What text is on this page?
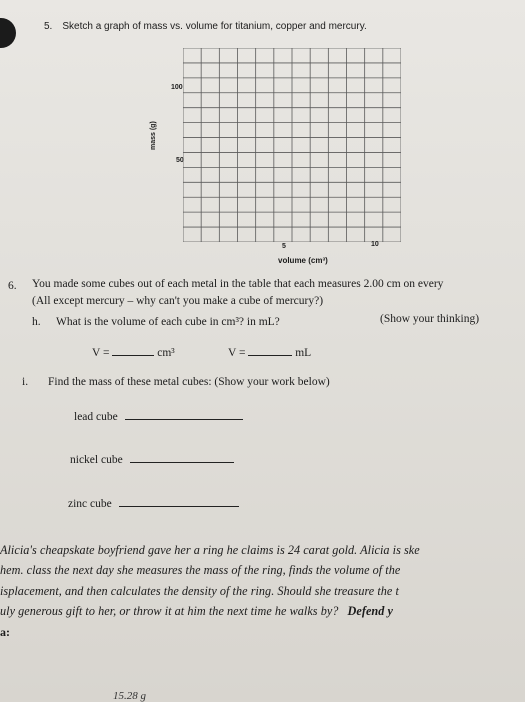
5. Sketch a graph of mass vs. volume for titanium, copper and mercury.
100
50
5	10
mass (g)
volume (cm³)
6. You made some cubes out of each metal in the table that each measures 2.00 cm on every
(All except mercury – why can't you make a cube of mercury?)
h. What is the volume of each cube in cm³? in mL?	(Show your thinking)
V =	cm³	V =	mL
i. Find the mass of these metal cubes: (Show your work below)
lead cube
nickel cube
zinc cube
Alicia's cheapskate boyfriend gave her a ring he claims is 24 carat gold. Alicia is ske
hem. class the next day she measures the mass of the ring, finds the volume of the
isplacement, and then calculates the density of the ring. Should she treasure the t
uly generous gift to her, or throw it at him the next time he walks by? Defend y
a:
15.28 g
